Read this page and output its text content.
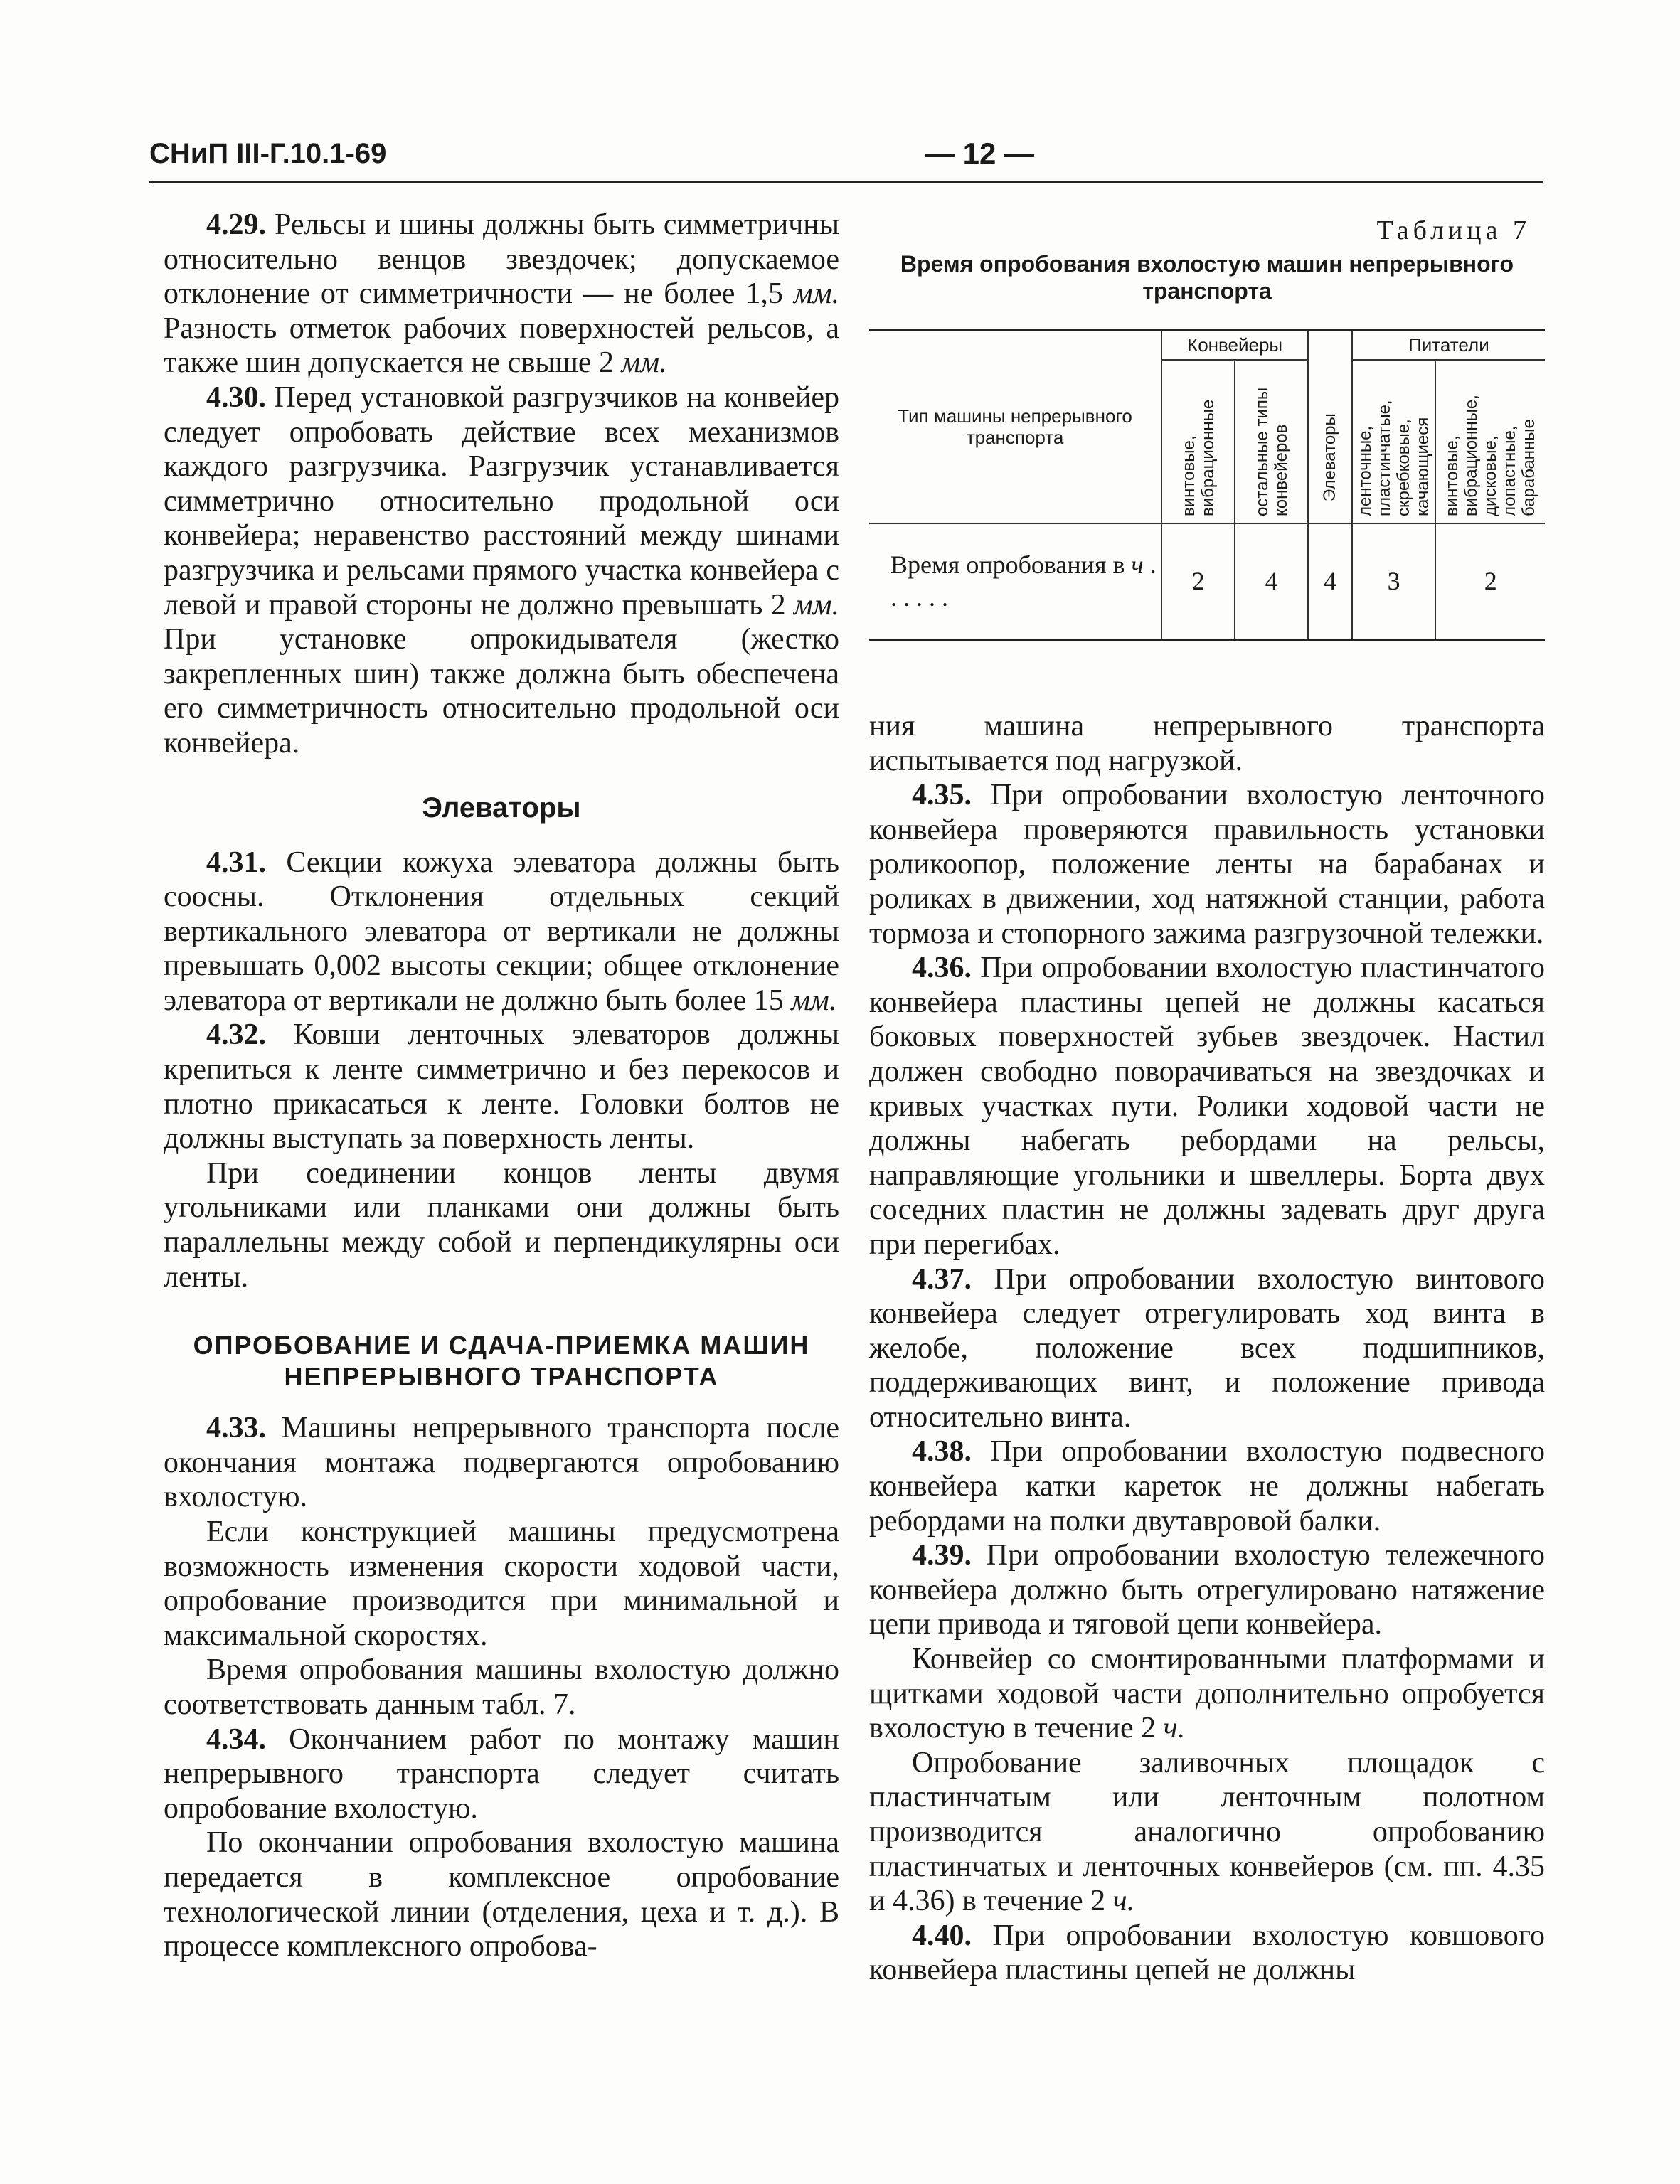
СНиП III-Г.10.1-69	— 12 —

4.29. Рельсы и шины должны быть симметричны относительно венцов звездочек; допускаемое отклонение от симметричности — не более 1,5 мм. Разность отметок рабочих поверхностей рельсов, а также шин допускается не свыше 2 мм.

4.30. Перед установкой разгрузчиков на конвейер следует опробовать действие всех механизмов каждого разгрузчика. Разгрузчик устанавливается симметрично относительно продольной оси конвейера; неравенство расстояний между шинами разгрузчика и рельсами прямого участка конвейера с левой и правой стороны не должно превышать 2 мм. При установке опрокидывателя (жестко закрепленных шин) также должна быть обеспечена его симметричность относительно продольной оси конвейера.

Элеваторы

4.31. Секции кожуха элеватора должны быть соосны. Отклонения отдельных секций вертикального элеватора от вертикали не должны превышать 0,002 высоты секции; общее отклонение элеватора от вертикали не должно быть более 15 мм.

4.32. Ковши ленточных элеваторов должны крепиться к ленте симметрично и без перекосов и плотно прикасаться к ленте. Головки болтов не должны выступать за поверхность ленты.

При соединении концов ленты двумя угольниками или планками они должны быть параллельны между собой и перпендикулярны оси ленты.

ОПРОБОВАНИЕ И СДАЧА-ПРИЕМКА МАШИН НЕПРЕРЫВНОГО ТРАНСПОРТА

4.33. Машины непрерывного транспорта после окончания монтажа подвергаются опробованию вхолостую.

Если конструкцией машины предусмотрена возможность изменения скорости ходовой части, опробование производится при минимальной и максимальной скоростях.

Время опробования машины вхолостую должно соответствовать данным табл. 7.

4.34. Окончанием работ по монтажу машин непрерывного транспорта следует считать опробование вхолостую.

По окончании опробования вхолостую машина передается в комплексное опробование технологической линии (отделения, цеха и т. д.). В процессе комплексного опробова-

Таблица 7
Время опробования вхолостую машин непрерывного транспорта
Тип машины непрерывного транспорта	Конвейеры		Элеваторы	Питатели	

	винтовые, вибрационные	остальные типы конвейеров		ленточные, пластинчатые, скребковые, качающиеся	винтовые, вибрационные, дисковые, лопастные, барабанные

Время опробования в ч . . . . . .	2	4	4	3	2

ния машина непрерывного транспорта испытывается под нагрузкой.

4.35. При опробовании вхолостую ленточного конвейера проверяются правильность установки роликоопор, положение ленты на барабанах и роликах в движении, ход натяжной станции, работа тормоза и стопорного зажима разгрузочной тележки.

4.36. При опробовании вхолостую пластинчатого конвейера пластины цепей не должны касаться боковых поверхностей зубьев звездочек. Настил должен свободно поворачиваться на звездочках и кривых участках пути. Ролики ходовой части не должны набегать ребордами на рельсы, направляющие угольники и швеллеры. Борта двух соседних пластин не должны задевать друг друга при перегибах.

4.37. При опробовании вхолостую винтового конвейера следует отрегулировать ход винта в желобе, положение всех подшипников, поддерживающих винт, и положение привода относительно винта.

4.38. При опробовании вхолостую подвесного конвейера катки кареток не должны набегать ребордами на полки двутавровой балки.

4.39. При опробовании вхолостую тележечного конвейера должно быть отрегулировано натяжение цепи привода и тяговой цепи конвейера.

Конвейер со смонтированными платформами и щитками ходовой части дополнительно опробуется вхолостую в течение 2 ч.

Опробование заливочных площадок с пластинчатым или ленточным полотном производится аналогично опробованию пластинчатых и ленточных конвейеров (см. пп. 4.35 и 4.36) в течение 2 ч.

4.40. При опробовании вхолостую ковшового конвейера пластины цепей не должны
